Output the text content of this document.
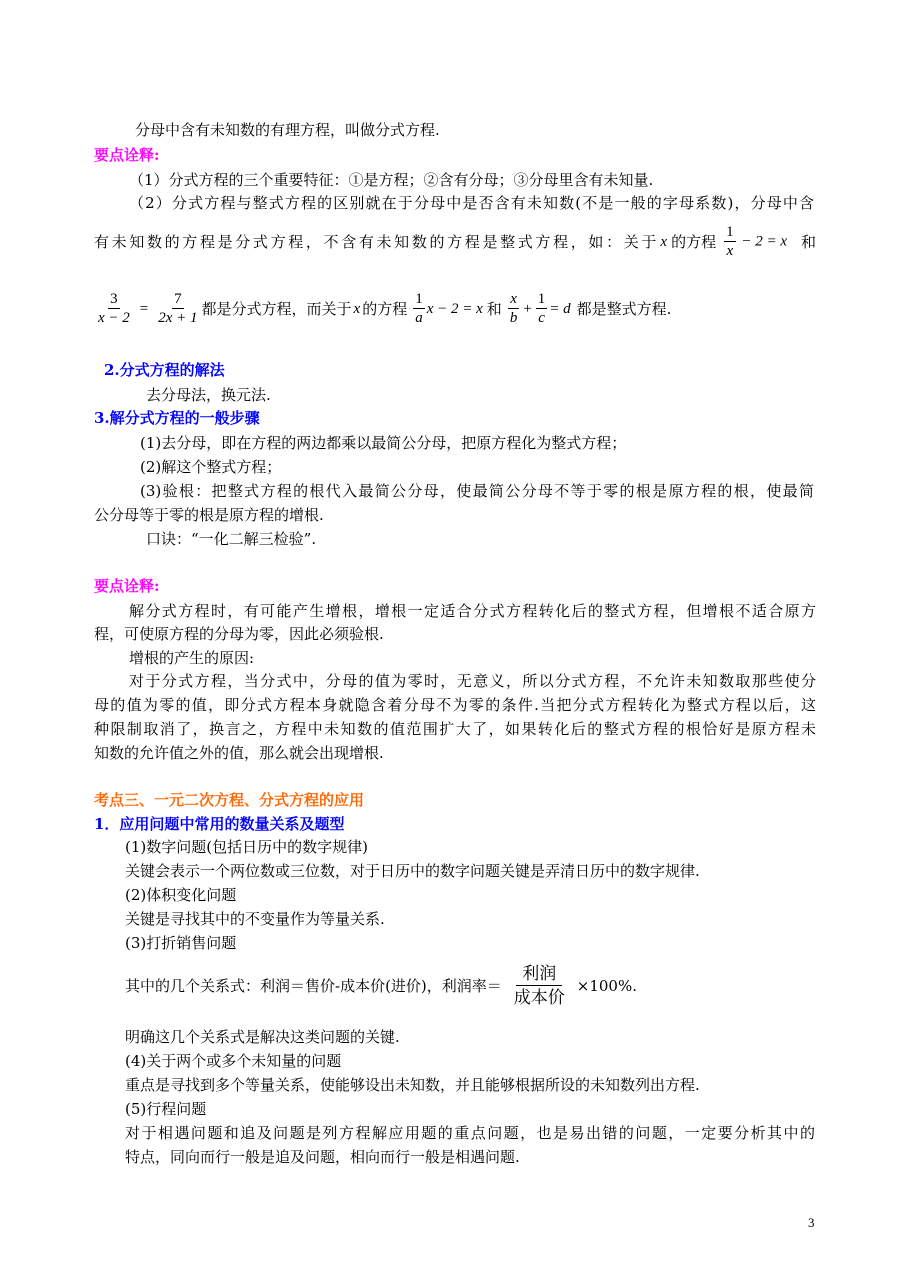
分母中含有未知数的有理方程，叫做分式方程.
要点诠释:
（1）分式方程的三个重要特征：①是方程；②含有分母；③分母里含有未知量.
（2）分式方程与整式方程的区别就在于分母中是否含有未知数(不是一般的字母系数)，分母中含
有未知数的方程是分式方程，不含有未知数的方程是整式方程，如：关于 x 的方程 $\frac{1}{x} - 2 = x$ 和
$\frac{3}{x - 2} = \frac{7}{2x + 1}$ 都是分式方程，而关于 x 的方程 $\frac{1}{a}$ x − 2 = x 和 $\frac{x}{b} + \frac{1}{c} = d$ 都是整式方程.
2.分式方程的解法
去分母法，换元法.
3.解分式方程的一般步骤
(1)去分母，即在方程的两边都乘以最简公分母，把原方程化为整式方程；
(2)解这个整式方程；
(3)验根：把整式方程的根代入最简公分母，使最简公分母不等于零的根是原方程的根，使最简
公分母等于零的根是原方程的增根.
口诀：“一化二解三检验”.
要点诠释:
解分式方程时，有可能产生增根，增根一定适合分式方程转化后的整式方程，但增根不适合原方
程，可使原方程的分母为零，因此必须验根.
增根的产生的原因:
对于分式方程，当分式中，分母的值为零时，无意义，所以分式方程，不允许未知数取那些使分
母的值为零的值，即分式方程本身就隐含着分母不为零的条件.当把分式方程转化为整式方程以后，这
种限制取消了，换言之，方程中未知数的值范围扩大了，如果转化后的整式方程的根恰好是原方程未
知数的允许值之外的值，那么就会出现增根.
考点三、一元二次方程、分式方程的应用
1．应用问题中常用的数量关系及题型
(1)数字问题(包括日历中的数字规律)
关键会表示一个两位数或三位数，对于日历中的数字问题关键是弄清日历中的数字规律.
(2)体积变化问题
关键是寻找其中的不变量作为等量关系.
(3)打折销售问题
其中的几个关系式：利润＝售价-成本价(进价)，利润率＝ $\frac{\text{利润}}{\text{成本价}} \times 100\%$.
明确这几个关系式是解决这类问题的关键.
(4)关于两个或多个未知量的问题
重点是寻找到多个等量关系，使能够设出未知数，并且能够根据所设的未知数列出方程.
(5)行程问题
对于相遇问题和追及问题是列方程解应用题的重点问题，也是易出错的问题，一定要分析其中的
特点，同向而行一般是追及问题，相向而行一般是相遇问题.
3
